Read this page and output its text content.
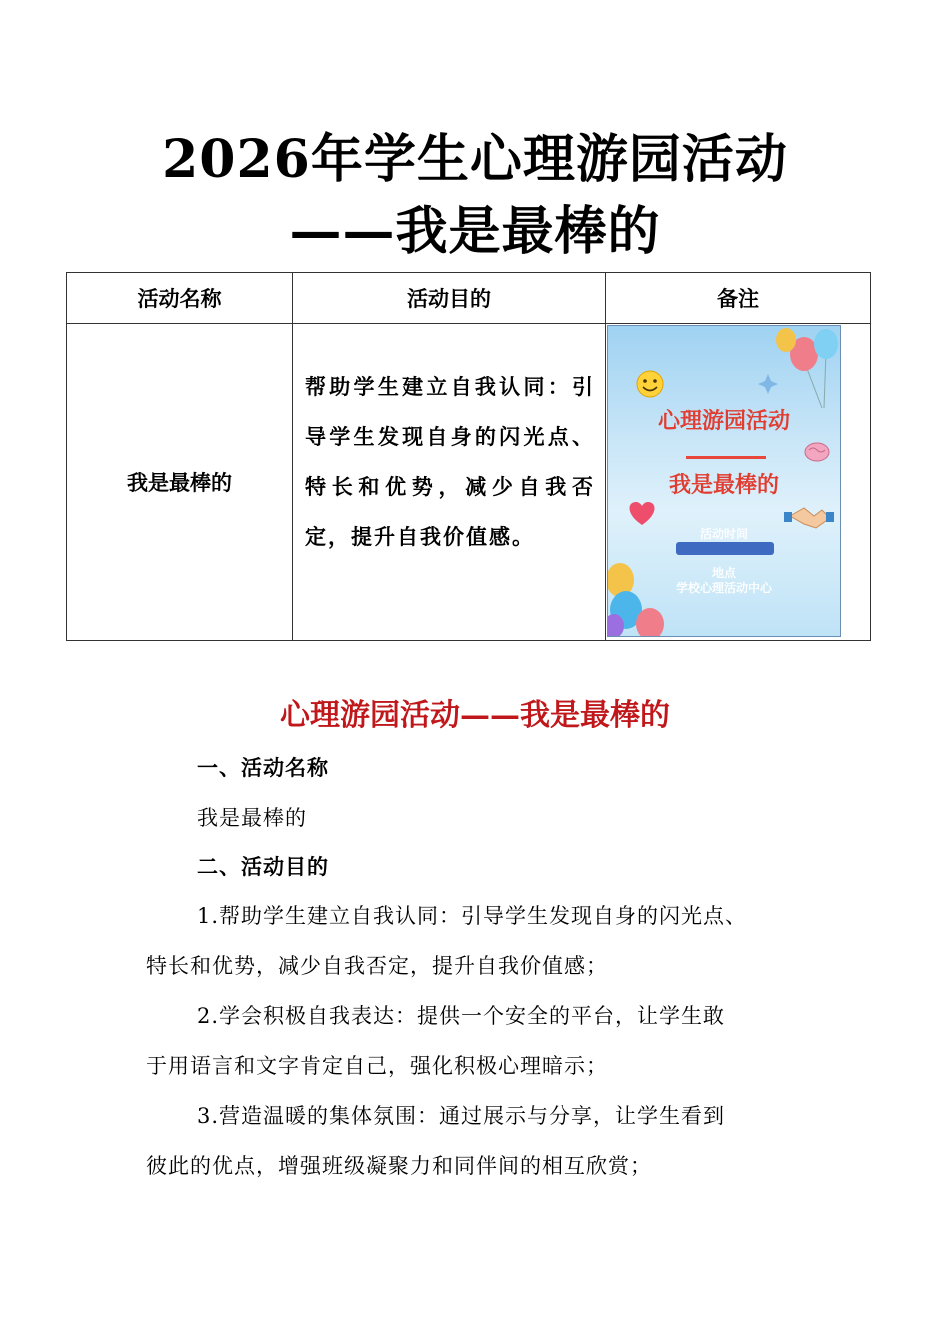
2026年学生心理游园活动
——我是最棒的
活动名称	活动目的	备注
我是最棒的	帮助学生建立自我认同：引导学生发现自身的闪光点、特长和优势，减少自我否定，提升自我价值感。	心理游园活动
我是最棒的
活动时间
地点
学校心理活动中心
心理游园活动——我是最棒的
一、活动名称
我是最棒的
二、活动目的
1.帮助学生建立自我认同：引导学生发现自身的闪光点、
特长和优势，减少自我否定，提升自我价值感；
2.学会积极自我表达：提供一个安全的平台，让学生敢
于用语言和文字肯定自己，强化积极心理暗示；
3.营造温暖的集体氛围：通过展示与分享，让学生看到
彼此的优点，增强班级凝聚力和同伴间的相互欣赏；
